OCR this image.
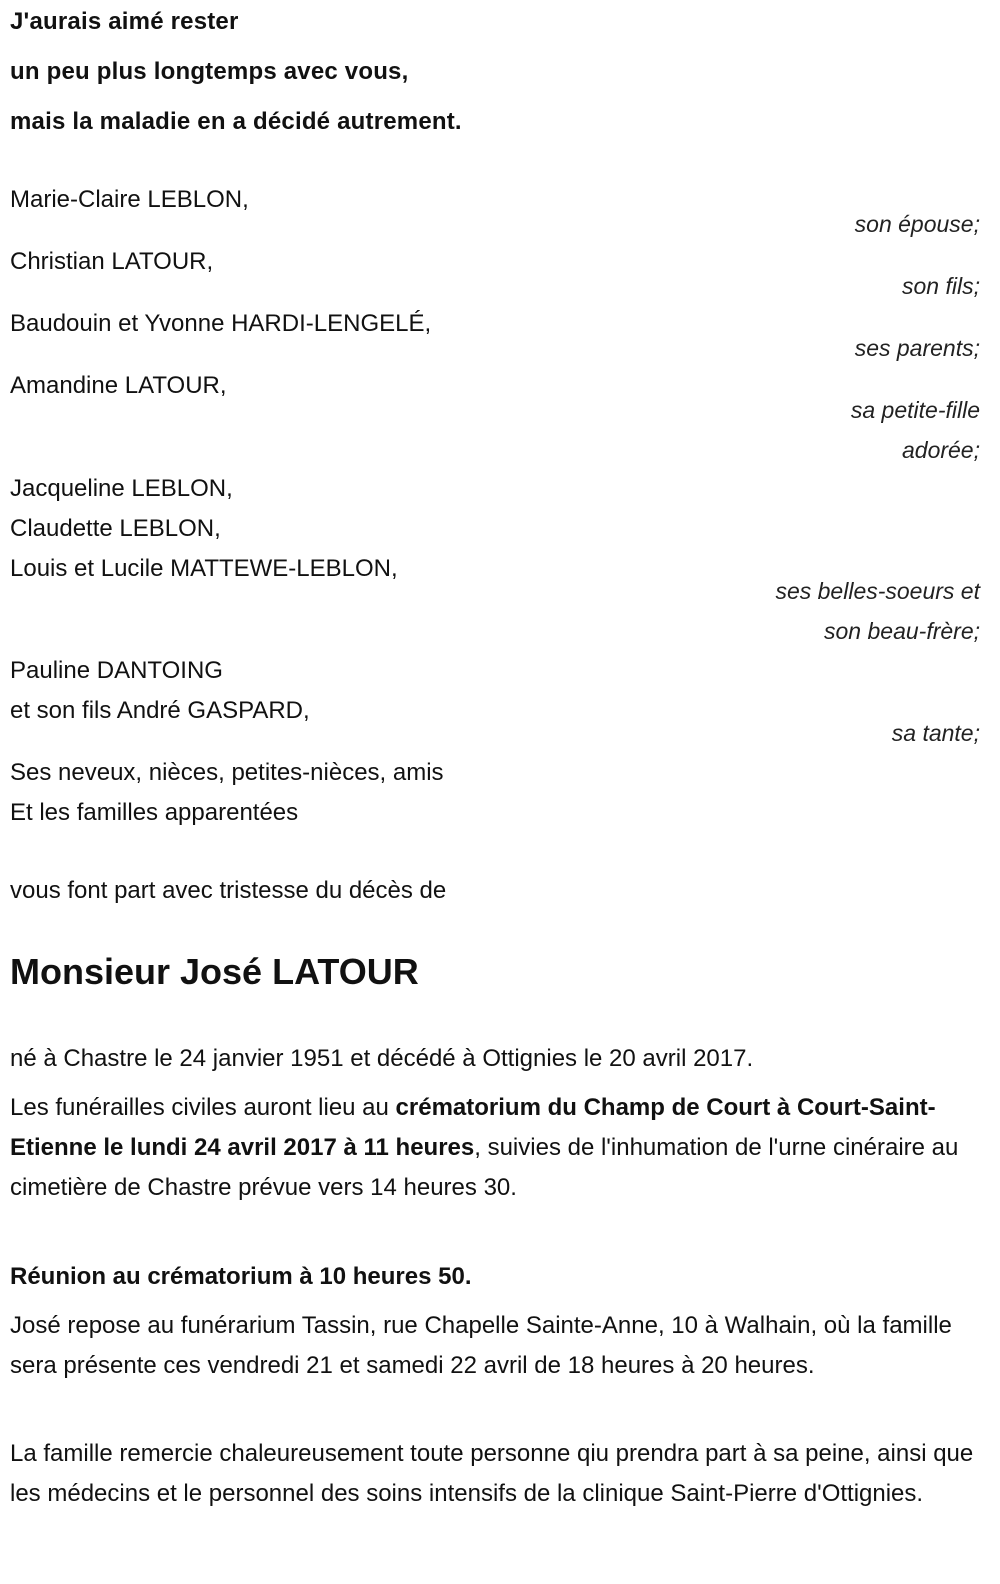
J'aurais aimé rester
un peu plus longtemps avec vous,
mais la maladie en a décidé autrement.
Marie-Claire LEBLON,
son épouse;
Christian LATOUR,
son fils;
Baudouin et Yvonne HARDI-LENGELÉ,
ses parents;
Amandine LATOUR,
sa petite-fille
adorée;
Jacqueline LEBLON,
Claudette LEBLON,
Louis et Lucile MATTEWE-LEBLON,
ses belles-soeurs et
son beau-frère;
Pauline DANTOING
et son fils André GASPARD,
sa tante;
Ses neveux, nièces, petites-nièces, amis
Et les familles apparentées
vous font part avec tristesse du décès de
Monsieur José LATOUR
né à Chastre le 24 janvier 1951 et décédé à Ottignies le 20 avril 2017.
Les funérailles civiles auront lieu au crématorium du Champ de Court à Court-Saint-Etienne le lundi 24 avril 2017 à 11 heures, suivies de l'inhumation de l'urne cinéraire au cimetière de Chastre prévue vers 14 heures 30.
Réunion au crématorium à 10 heures 50.
José repose au funérarium Tassin, rue Chapelle Sainte-Anne, 10 à Walhain, où la famille sera présente ces vendredi 21 et samedi 22 avril de 18 heures à 20 heures.
La famille remercie chaleureusement toute personne qiu prendra part à sa peine, ainsi que les médecins et le personnel des soins intensifs de la clinique Saint-Pierre d'Ottignies.
